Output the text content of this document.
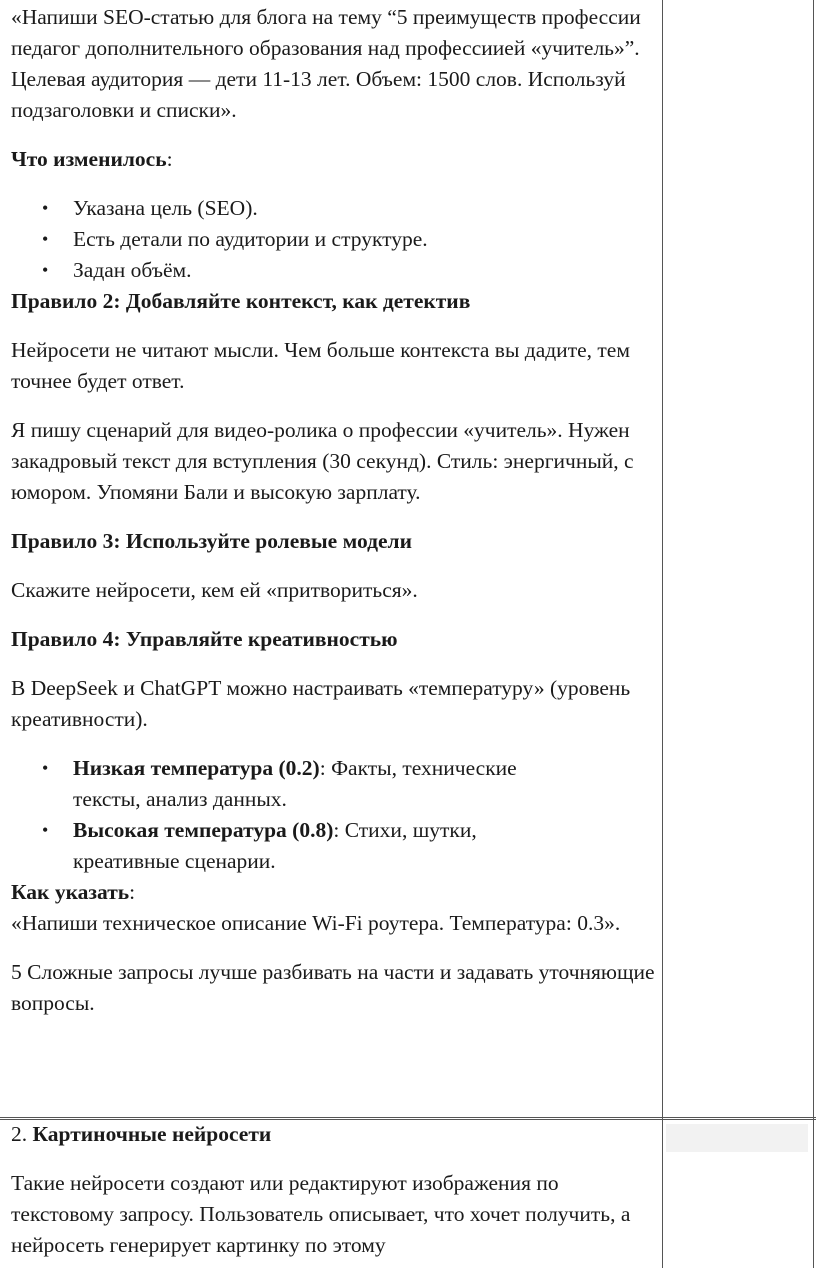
«Напиши SEO-статью для блога на тему “5 преимуществ профессии педагог дополнительного образования над профессиией «учитель»”. Целевая аудитория — дети 11-13 лет. Объем: 1500 слов. Используй подзаголовки и списки».

Что изменилось:

• Указана цель (SEO).
• Есть детали по аудитории и структуре.
• Задан объём.

Правило 2: Добавляйте контекст, как детектив

Нейросети не читают мысли. Чем больше контекста вы дадите, тем точнее будет ответ.

Я пишу сценарий для видео-ролика о профессии «учитель». Нужен закадровый текст для вступления (30 секунд). Стиль: энергичный, с юмором. Упомяни Бали и высокую зарплату.

Правило 3: Используйте ролевые модели

Скажите нейросети, кем ей «притвориться».

Правило 4: Управляйте креативностью

В DeepSeek и ChatGPT можно настраивать «температуру» (уровень креативности).

• Низкая температура (0.2): Факты, технические тексты, анализ данных.
• Высокая температура (0.8): Стихи, шутки, креативные сценарии.

Как указать:

«Напиши техническое описание Wi-Fi роутера. Температура: 0.3».

5 Сложные запросы лучше разбивать на части и задавать уточняющие вопросы.

2. Картиночные нейросети

Такие нейросети создают или редактируют изображения по текстовому запросу. Пользователь описывает, что хочет получить, а нейросеть генерирует картинку по этому
